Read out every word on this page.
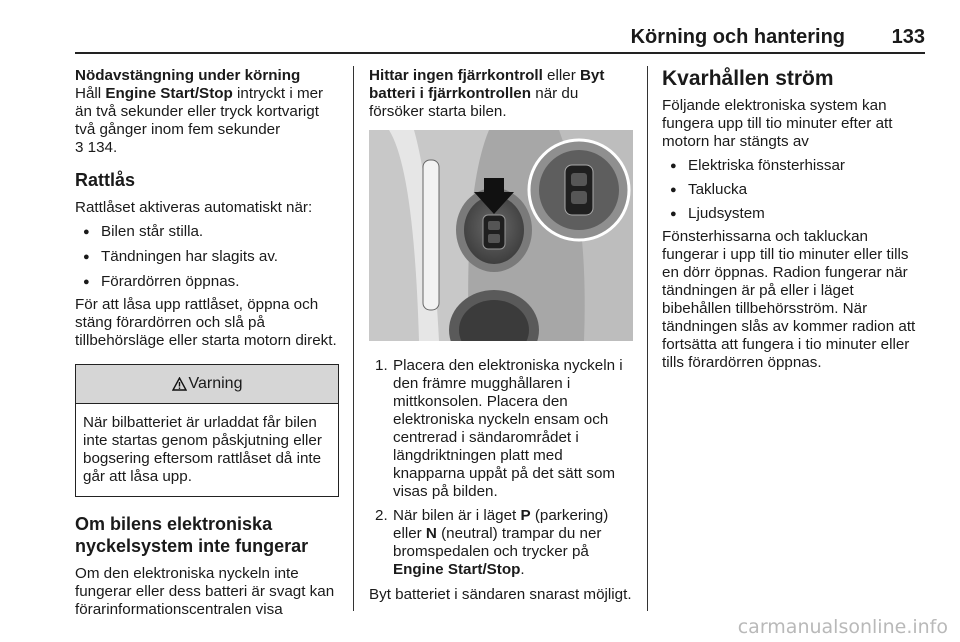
Körning och hantering 133

Nödavstängning under körning

Håll Engine Start/Stop intryckt i mer än två sekunder eller tryck kortvarigt två gånger inom fem sekunder

3 134.

Rattlås

Rattlåset aktiveras automatiskt när:

● Bilen står stilla.
● Tändningen har slagits av.
● Förardörren öppnas.

För att låsa upp rattlåset, öppna och stäng förardörren och slå på tillbehörsläge eller starta motorn direkt.

Varning
När bilbatteriet är urladdat får bilen inte startas genom påskjutning eller bogsering eftersom rattlåset då inte går att låsa upp.
Om bilens elektroniska
nyckelsystem inte fungerar

Om den elektroniska nyckeln inte fungerar eller dess batteri är svagt kan förarinformationscentralen visa

Hittar ingen fjärrkontroll eller Byt batteri i fjärrkontrollen när du försöker starta bilen.

1. Placera den elektroniska nyckeln i den främre mugghållaren i mittkonsolen. Placera den elektroniska nyckeln ensam och centrerad i sändarområdet i längdriktningen platt med knapparna uppåt på det sätt som visas på bilden.
2. När bilen är i läget P (parkering) eller N (neutral) trampar du ner bromspedalen och trycker på Engine Start/Stop.

Byt batteriet i sändaren snarast möjligt.

Kvarhållen ström

Följande elektroniska system kan fungera upp till tio minuter efter att motorn har stängts av

● Elektriska fönsterhissar
● Taklucka
● Ljudsystem

Fönsterhissarna och takluckan fungerar i upp till tio minuter eller tills en dörr öppnas. Radion fungerar när tändningen är på eller i läget bibehållen tillbehörsström. När tändningen slås av kommer radion att fortsätta att fungera i tio minuter eller tills förardörren öppnas.

carmanualsonline.info
